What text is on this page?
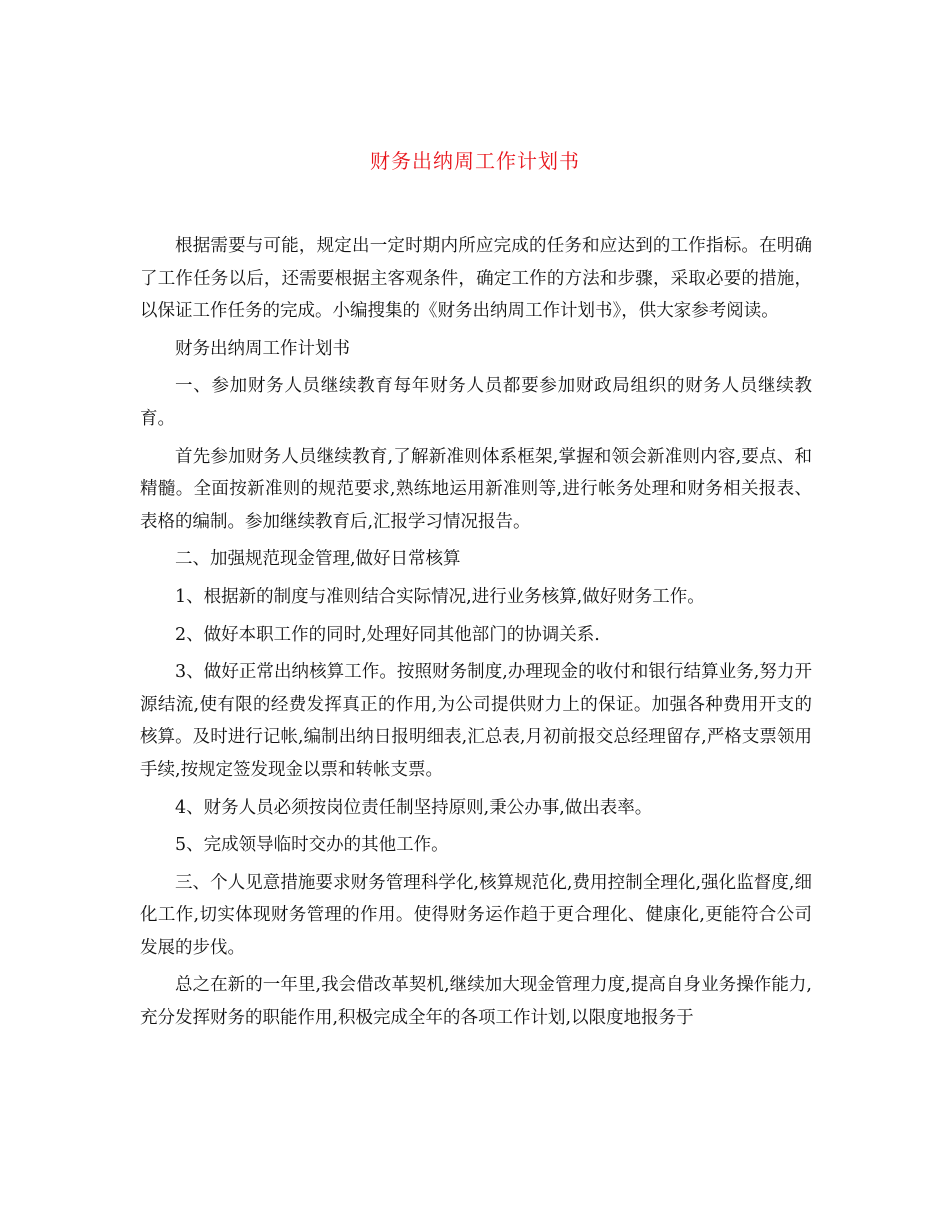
财务出纳周工作计划书

根据需要与可能，规定出一定时期内所应完成的任务和应达到的工作指标。在明确了工作任务以后，还需要根据主客观条件，确定工作的方法和步骤，采取必要的措施，以保证工作任务的完成。小编搜集的《财务出纳周工作计划书》，供大家参考阅读。

财务出纳周工作计划书

一、参加财务人员继续教育每年财务人员都要参加财政局组织的财务人员继续教育。

首先参加财务人员继续教育,了解新准则体系框架,掌握和领会新准则内容,要点、和精髓。全面按新准则的规范要求,熟练地运用新准则等,进行帐务处理和财务相关报表、表格的编制。参加继续教育后,汇报学习情况报告。

二、加强规范现金管理,做好日常核算

1、根据新的制度与准则结合实际情况,进行业务核算,做好财务工作。

2、做好本职工作的同时,处理好同其他部门的协调关系.

3、做好正常出纳核算工作。按照财务制度,办理现金的收付和银行结算业务,努力开源结流,使有限的经费发挥真正的作用,为公司提供财力上的保证。加强各种费用开支的核算。及时进行记帐,编制出纳日报明细表,汇总表,月初前报交总经理留存,严格支票领用手续,按规定签发现金以票和转帐支票。

4、财务人员必须按岗位责任制坚持原则,秉公办事,做出表率。

5、完成领导临时交办的其他工作。

三、个人见意措施要求财务管理科学化,核算规范化,费用控制全理化,强化监督度,细化工作,切实体现财务管理的作用。使得财务运作趋于更合理化、健康化,更能符合公司发展的步伐。

总之在新的一年里,我会借改革契机,继续加大现金管理力度,提高自身业务操作能力,充分发挥财务的职能作用,积极完成全年的各项工作计划,以限度地报务于
